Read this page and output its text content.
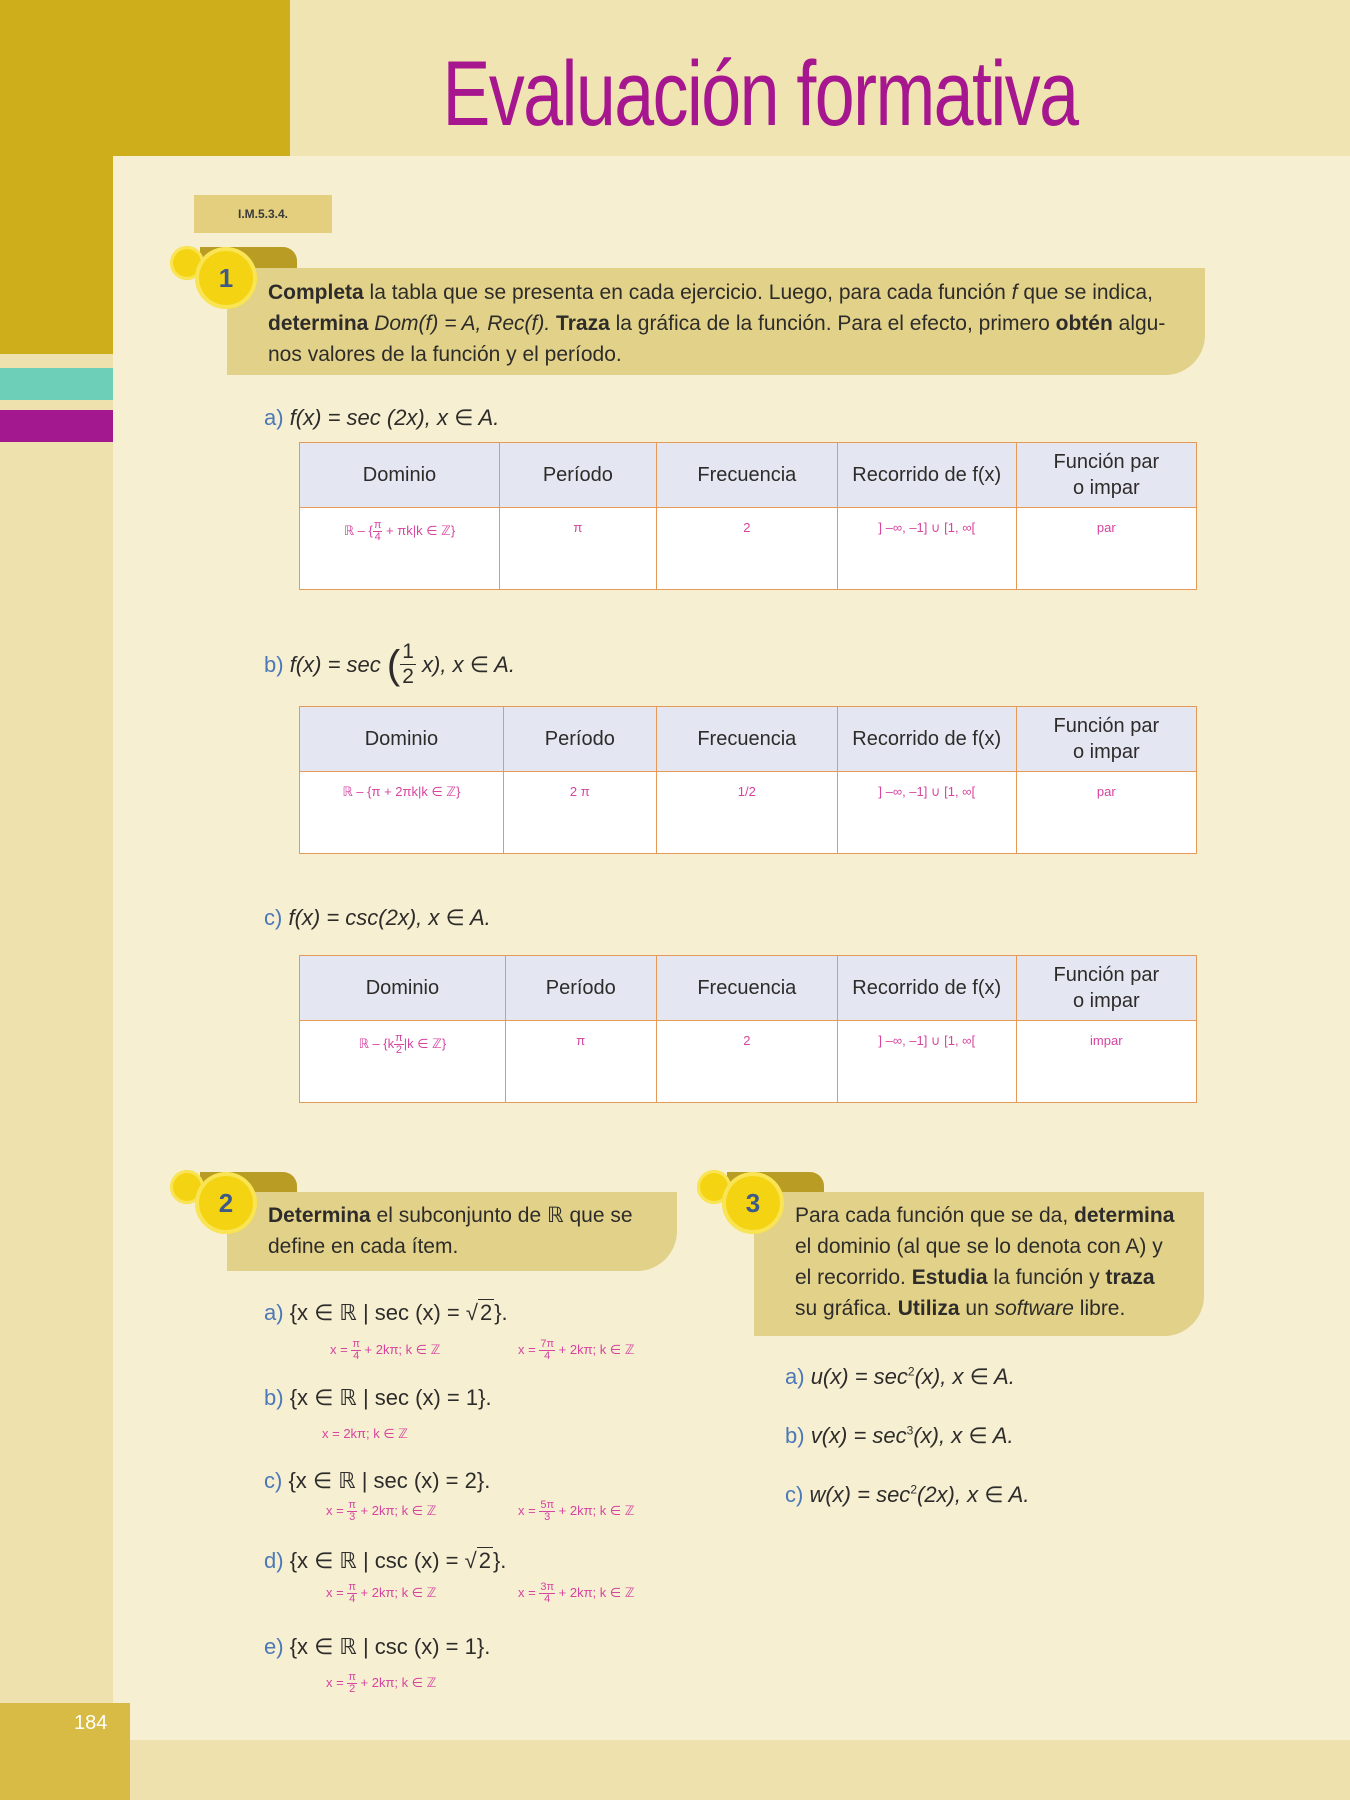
184
Evaluación formativa
I.M.5.3.4.
Completa la tabla que se presenta en cada ejercicio. Luego, para cada función f que se indica,
determina Dom(f) = A, Rec(f). Traza la gráfica de la función. Para el efecto, primero obtén algu-
nos valores de la función y el período.
1
a) f(x) = sec (2x), x ∈ A.
Dominio	Período	Frecuencia	Recorrido de f(x)	Función par
o impar
ℝ – { $\frac{\pi}{4} + \pi k|k$ ∈ ℤ}	π	2	] –∞, –1] ∪ [1, ∞[	par
b)
f(x) = sec
( 1
2
x), x ∈ A.
Dominio	Período	Frecuencia	Recorrido de f(x)	Función par
o impar
ℝ – {π + 2πk|k ∈ ℤ}	2 π	1/2	] –∞, –1] ∪ [1, ∞[	par
c) f(x) = csc(2x), x ∈ A.
Dominio	Período	Frecuencia	Recorrido de f(x)	Función par
o impar
ℝ – {$k \frac{\pi}{2} |k$ ∈ ℤ}	π	2	] –∞, –1] ∪ [1, ∞[	impar
Determina el subconjunto de ℝ que se
define en cada ítem.
2
a) {x ∈ ℝ | sec (x) = √2}.
$x = \frac{\pi}{4} + 2k\pi$; k ∈ ℤ	$x = \frac{7\pi}{4} + 2k\pi$; k ∈ ℤ
b) {x ∈ ℝ | sec (x) = 1}.
x = 2kπ; k ∈ ℤ
c) {x ∈ ℝ | sec (x) = 2}.
$x = \frac{\pi}{3} + 2k\pi$; k ∈ ℤ	$x = \frac{5\pi}{3} + 2k\pi$; k ∈ ℤ
d) {x ∈ ℝ | csc (x) = √2}.
$x = \frac{\pi}{4} + 2k\pi$; k ∈ ℤ	$x = \frac{3\pi}{4} + 2k\pi$; k ∈ ℤ
e) {x ∈ ℝ | csc (x) = 1}.
$x = \frac{\pi}{2} + 2k\pi$; k ∈ ℤ
Para cada función que se da, determina
el dominio (al que se lo denota con A) y
el recorrido. Estudia la función y traza
su gráfica. Utiliza un software libre.
3
a) $u(x) = \sec^2(x)$, x ∈ A.
b) $v(x) = \sec^3(x)$, x ∈ A.
c) $w(x) = \sec^2(2x)$, x ∈ A.
